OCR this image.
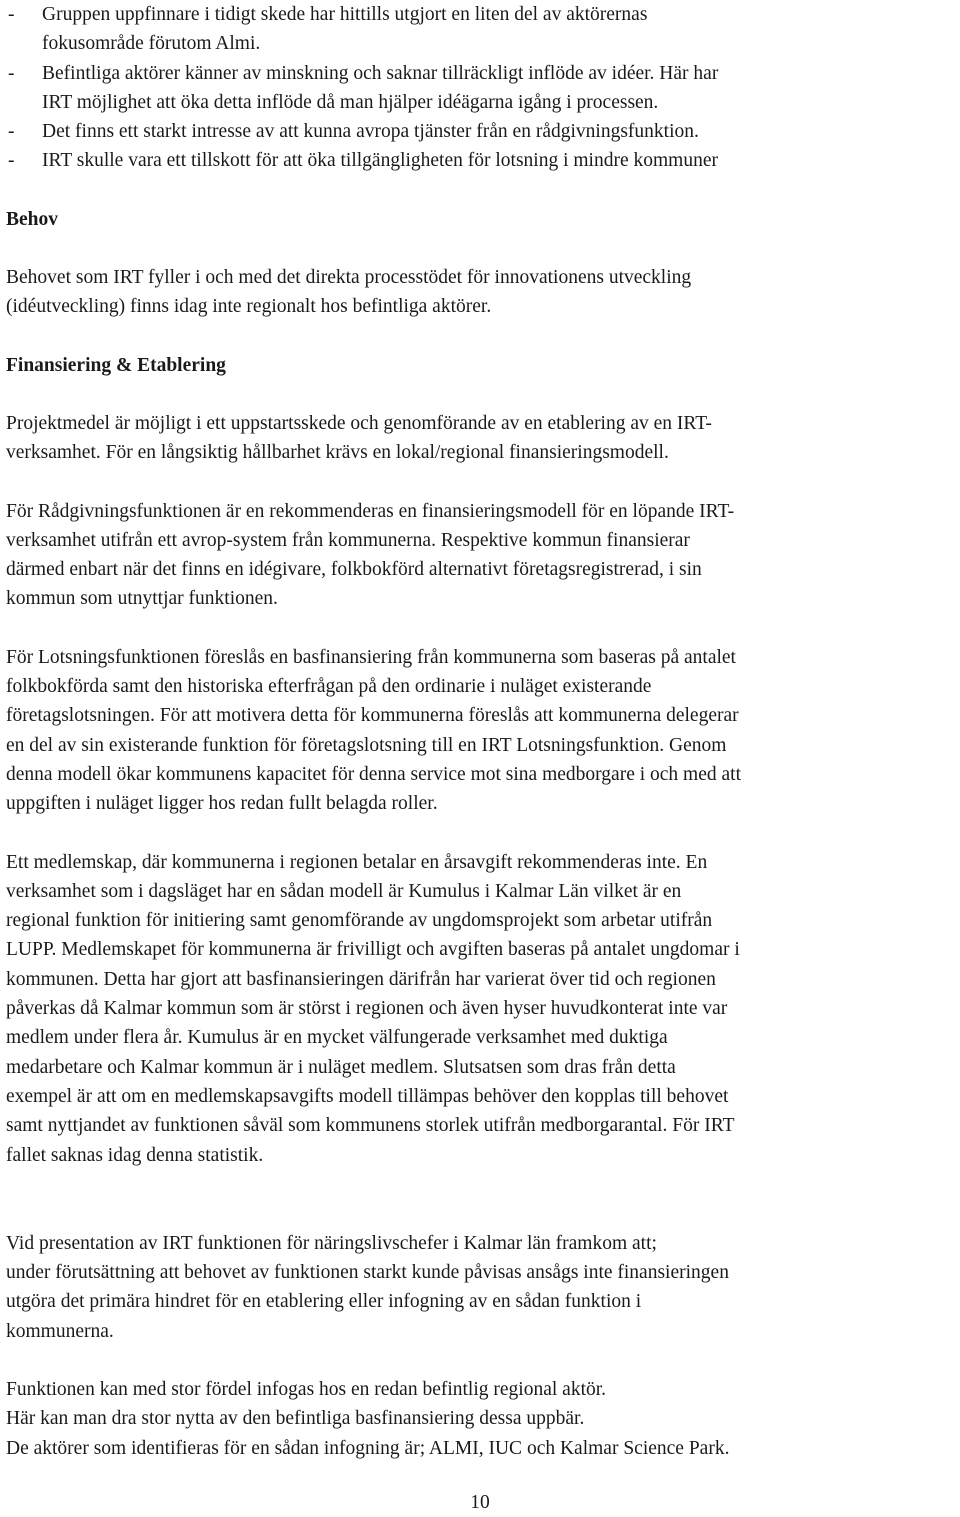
- Gruppen uppfinnare i tidigt skede har hittills utgjort en liten del av aktörernas
fokusområde förutom Almi.
- Befintliga aktörer känner av minskning och saknar tillräckligt inflöde av idéer. Här har
IRT möjlighet att öka detta inflöde då man hjälper idéägarna igång i processen.
- Det finns ett starkt intresse av att kunna avropa tjänster från en rådgivningsfunktion.
- IRT skulle vara ett tillskott för att öka tillgängligheten för lotsning i mindre kommuner

Behov

Behovet som IRT fyller i och med det direkta processtödet för innovationens utveckling
(idéutveckling) finns idag inte regionalt hos befintliga aktörer.

Finansiering & Etablering

Projektmedel är möjligt i ett uppstartsskede och genomförande av en etablering av en IRT-
verksamhet. För en långsiktig hållbarhet krävs en lokal/regional finansieringsmodell.

För Rådgivningsfunktionen är en rekommenderas en finansieringsmodell för en löpande IRT-
verksamhet utifrån ett avrop-system från kommunerna. Respektive kommun finansierar
därmed enbart när det finns en idégivare, folkbokförd alternativt företagsregistrerad, i sin
kommun som utnyttjar funktionen.

För Lotsningsfunktionen föreslås en basfinansiering från kommunerna som baseras på antalet
folkbokförda samt den historiska efterfrågan på den ordinarie i nuläget existerande
företagslotsningen. För att motivera detta för kommunerna föreslås att kommunerna delegerar
en del av sin existerande funktion för företagslotsning till en IRT Lotsningsfunktion. Genom
denna modell ökar kommunens kapacitet för denna service mot sina medborgare i och med att
uppgiften i nuläget ligger hos redan fullt belagda roller.

Ett medlemskap, där kommunerna i regionen betalar en årsavgift rekommenderas inte. En
verksamhet som i dagsläget har en sådan modell är Kumulus i Kalmar Län vilket är en
regional funktion för initiering samt genomförande av ungdomsprojekt som arbetar utifrån
LUPP. Medlemskapet för kommunerna är frivilligt och avgiften baseras på antalet ungdomar i
kommunen. Detta har gjort att basfinansieringen därifrån har varierat över tid och regionen
påverkas då Kalmar kommun som är störst i regionen och även hyser huvudkonterat inte var
medlem under flera år. Kumulus är en mycket välfungerade verksamhet med duktiga
medarbetare och Kalmar kommun är i nuläget medlem. Slutsatsen som dras från detta
exempel är att om en medlemskapsavgifts modell tillämpas behöver den kopplas till behovet
samt nyttjandet av funktionen såväl som kommunens storlek utifrån medborgarantal. För IRT
fallet saknas idag denna statistik.

Vid presentation av IRT funktionen för näringslivschefer i Kalmar län framkom att;
under förutsättning att behovet av funktionen starkt kunde påvisas ansågs inte finansieringen
utgöra det primära hindret för en etablering eller infogning av en sådan funktion i
kommunerna.

Funktionen kan med stor fördel infogas hos en redan befintlig regional aktör.
Här kan man dra stor nytta av den befintliga basfinansiering dessa uppbär.
De aktörer som identifieras för en sådan infogning är; ALMI, IUC och Kalmar Science Park.

10
